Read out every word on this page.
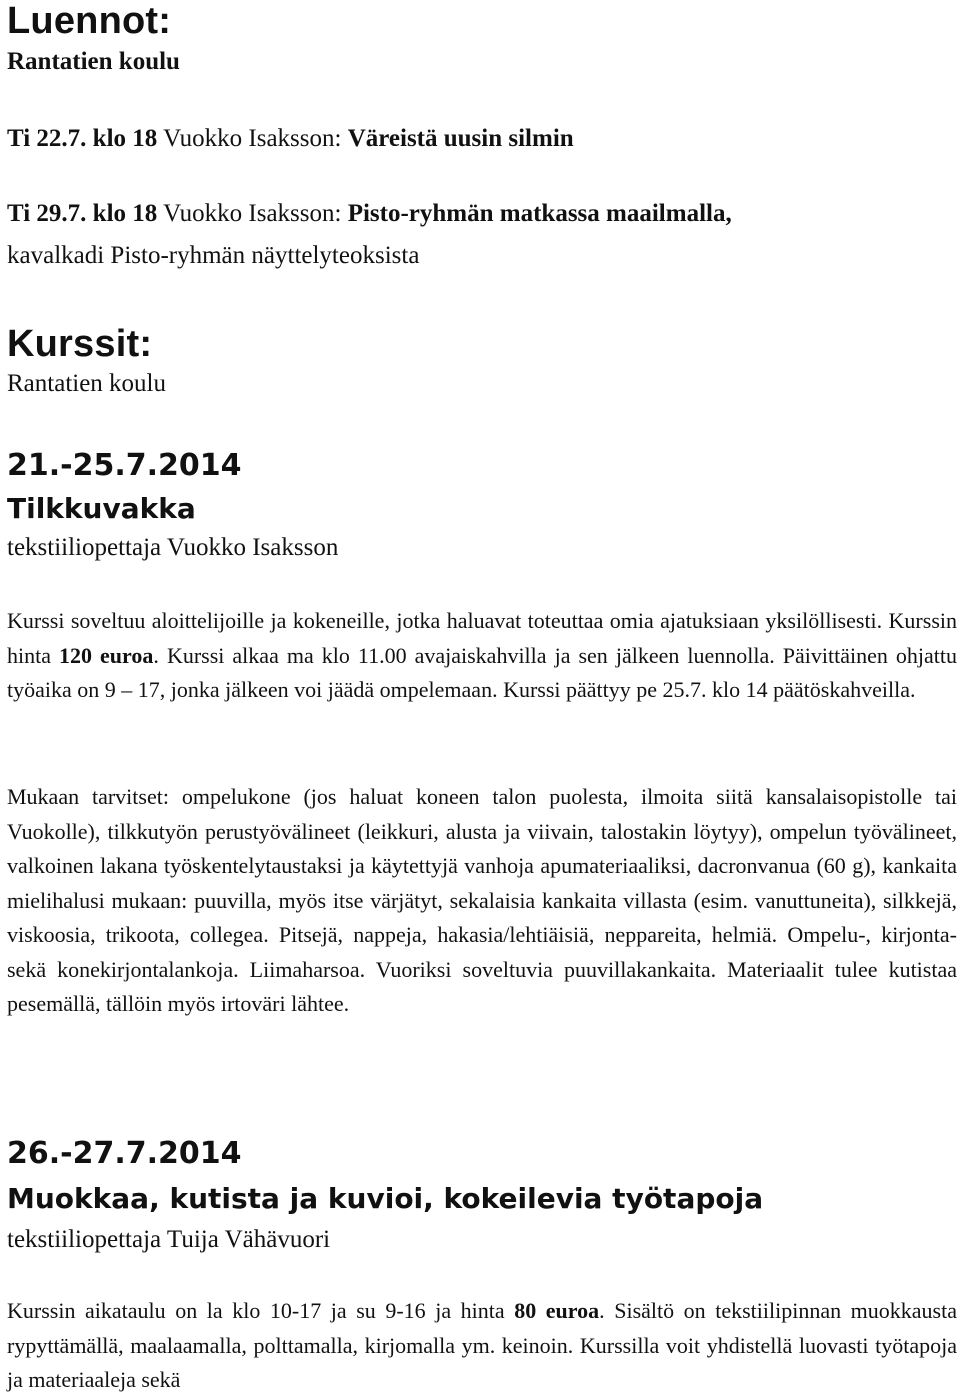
Luennot:

Rantatien koulu

Ti 22.7. klo 18 Vuokko Isaksson: Väreistä uusin silmin

Ti 29.7. klo 18 Vuokko Isaksson: Pisto-ryhmän matkassa maailmalla,
kavalkadi Pisto-ryhmän näyttelyteoksista

Kurssit:

Rantatien koulu

21.-25.7.2014

Tilkkuvakka

tekstiiliopettaja Vuokko Isaksson

Kurssi soveltuu aloittelijoille ja kokeneille, jotka haluavat toteuttaa omia ajatuksiaan yksilöllisesti. Kurssin hinta 120 euroa. Kurssi alkaa ma klo 11.00 avajaiskahvilla ja sen jälkeen luennolla. Päivittäinen ohjattu työaika on 9 – 17, jonka jälkeen voi jäädä ompelemaan. Kurssi päättyy pe 25.7. klo 14 päätöskahveilla.

Mukaan tarvitset: ompelukone (jos haluat koneen talon puolesta, ilmoita siitä kansalaisopistolle tai Vuokolle), tilkkutyön perustyövälineet (leikkuri, alusta ja viivain, talostakin löytyy), ompelun työvälineet, valkoinen lakana työskentelytaustaksi ja käytettyjä vanhoja apumateriaaliksi, dacronvanua (60 g), kankaita mielihalusi mukaan: puuvilla, myös itse värjätyt, sekalaisia kankaita villasta (esim. vanuttuneita), silkkejä, viskoosia, trikoota, collegea. Pitsejä, nappeja, hakasia/lehtiäisiä, neppareita, helmiä. Ompelu-, kirjonta- sekä konekirjontalankoja. Liimaharsoa. Vuoriksi soveltuvia puuvillakankaita. Materiaalit tulee kutistaa pesemällä, tällöin myös irtoväri lähtee.

26.-27.7.2014

Muokkaa, kutista ja kuvioi, kokeilevia työtapoja

tekstiiliopettaja Tuija Vähävuori

Kurssin aikataulu on la klo 10-17 ja su 9-16 ja hinta 80 euroa. Sisältö on tekstiilipinnan muokkausta rypyttämällä, maalaamalla, polttamalla, kirjomalla ym. keinoin. Kurssilla voit yhdistellä luovasti työtapoja ja materiaaleja sekä
